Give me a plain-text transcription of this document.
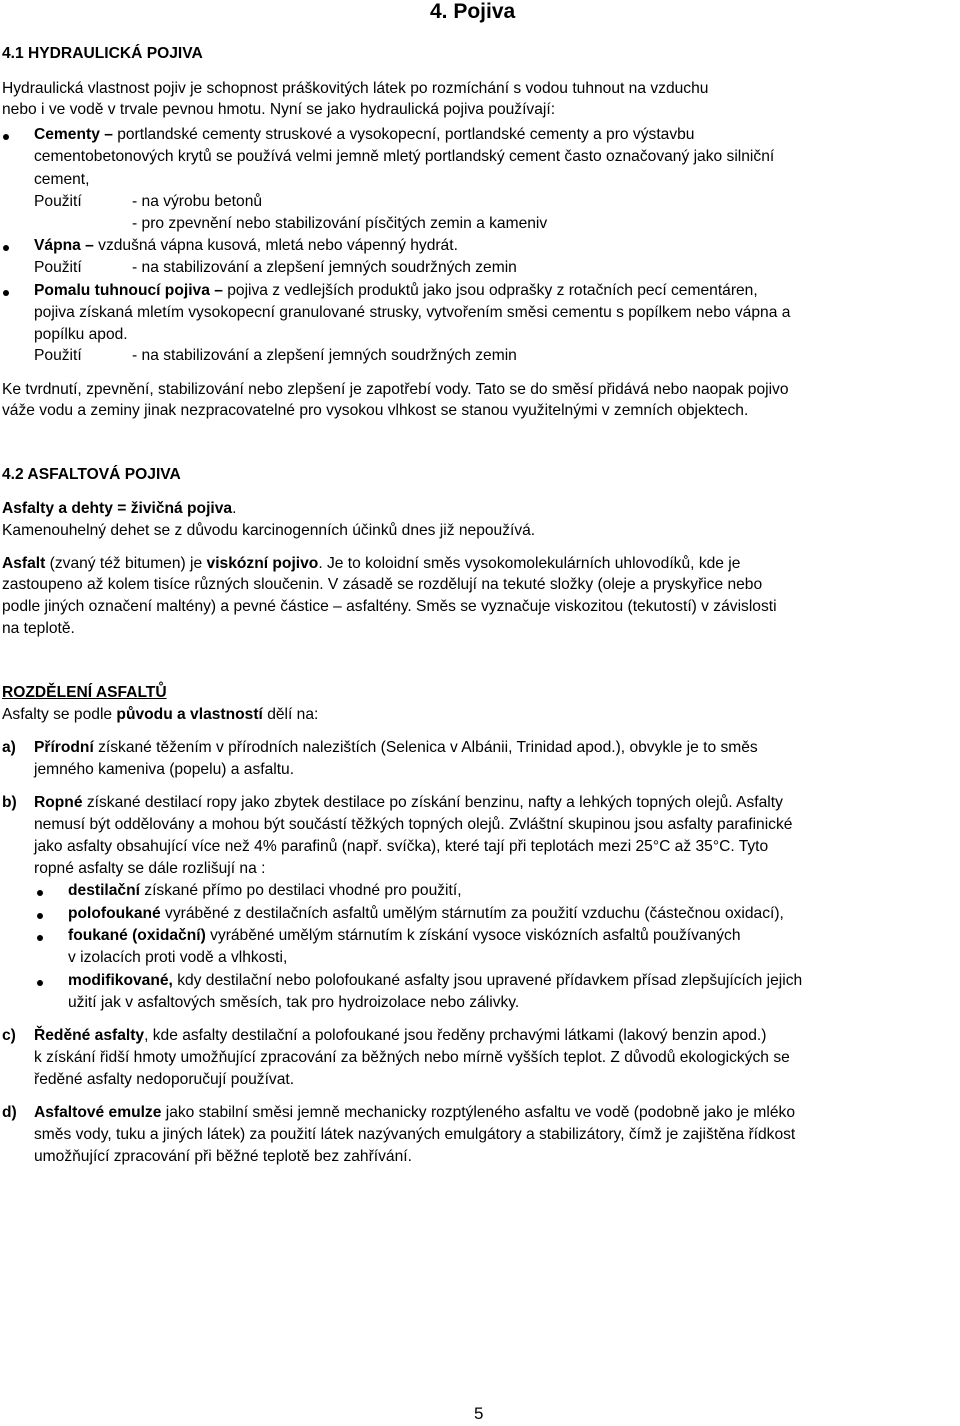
4. Pojiva
4.1 HYDRAULICKÁ POJIVA
Hydraulická vlastnost pojiv je schopnost práškovitých látek po rozmíchání s vodou tuhnout na vzduchu
nebo i ve vodě v trvale pevnou hmotu. Nyní se jako hydraulická pojiva používají:
Cementy – portlandské cementy struskové a vysokopecní, portlandské cementy a pro výstavbu
cementobetonových krytů se používá velmi jemně mletý portlandský cement často označovaný jako silniční
cement,
Použití	- na výrobu betonů
- pro zpevnění nebo stabilizování písčitých zemin a kameniv
Vápna – vzdušná vápna kusová, mletá nebo vápenný hydrát.
Použití	- na stabilizování a zlepšení jemných soudržných zemin
Pomalu tuhnoucí pojiva – pojiva z vedlejších produktů jako jsou odprašky z rotačních pecí cementáren,
pojiva získaná mletím vysokopecní granulované strusky, vytvořením směsi cementu s popílkem nebo vápna a
popílku apod.
Použití	- na stabilizování a zlepšení jemných soudržných zemin
Ke tvrdnutí, zpevnění, stabilizování nebo zlepšení je zapotřebí vody. Tato se do směsí přidává nebo naopak pojivo
váže vodu a zeminy jinak nezpracovatelné pro vysokou vlhkost se stanou využitelnými v zemních objektech.
4.2 ASFALTOVÁ POJIVA
Asfalty a dehty = živičná pojiva.
Kamenouhelný dehet se z důvodu karcinogenních účinků dnes již nepoužívá.
Asfalt (zvaný též bitumen) je viskózní pojivo. Je to koloidní směs vysokomolekulárních uhlovodíků, kde je
zastoupeno až kolem tisíce různých sloučenin. V zásadě se rozdělují na tekuté složky (oleje a pryskyřice nebo
podle jiných označení maltény) a pevné částice – asfaltény. Směs se vyznačuje viskozitou (tekutostí) v závislosti
na teplotě.
ROZDĚLENÍ ASFALTŮ
Asfalty se podle původu a vlastností dělí na:
a) Přírodní získané těžením v přírodních nalezištích (Selenica v Albánii, Trinidad apod.), obvykle je to směs
jemného kameniva (popelu) a asfaltu.
b) Ropné získané destilací ropy jako zbytek destilace po získání benzinu, nafty a lehkých topných olejů. Asfalty
nemusí být oddělovány a mohou být součástí těžkých topných olejů. Zvláštní skupinou jsou asfalty parafinické
jako asfalty obsahující více než 4% parafinů (např. svíčka), které tají při teplotách mezi 25°C až 35°C. Tyto
ropné asfalty se dále rozlišují na :
destilační získané přímo po destilaci vhodné pro použití,
polofoukané vyráběné z destilačních asfaltů umělým stárnutím za použití vzduchu (částečnou oxidací),
foukané (oxidační) vyráběné umělým stárnutím k získání vysoce viskózních asfaltů používaných
v izolacích proti vodě a vlhkosti,
modifikované, kdy destilační nebo polofoukané asfalty jsou upravené přídavkem přísad zlepšujících jejich
užití jak v asfaltových směsích, tak pro hydroizolace nebo zálivky.
c) Ředěné asfalty, kde asfalty destilační a polofoukané jsou ředěny prchavými látkami (lakový benzin apod.)
k získání řidší hmoty umožňující zpracování za běžných nebo mírně vyšších teplot. Z důvodů ekologických se
ředěné asfalty nedoporučují používat.
d) Asfaltové emulze jako stabilní směsi jemně mechanicky rozptýleného asfaltu ve vodě (podobně jako je mléko
směs vody, tuku a jiných látek) za použití látek nazývaných emulgátory a stabilizátory, čímž je zajištěna řídkost
umožňující zpracování při běžné teplotě bez zahřívání.
5
